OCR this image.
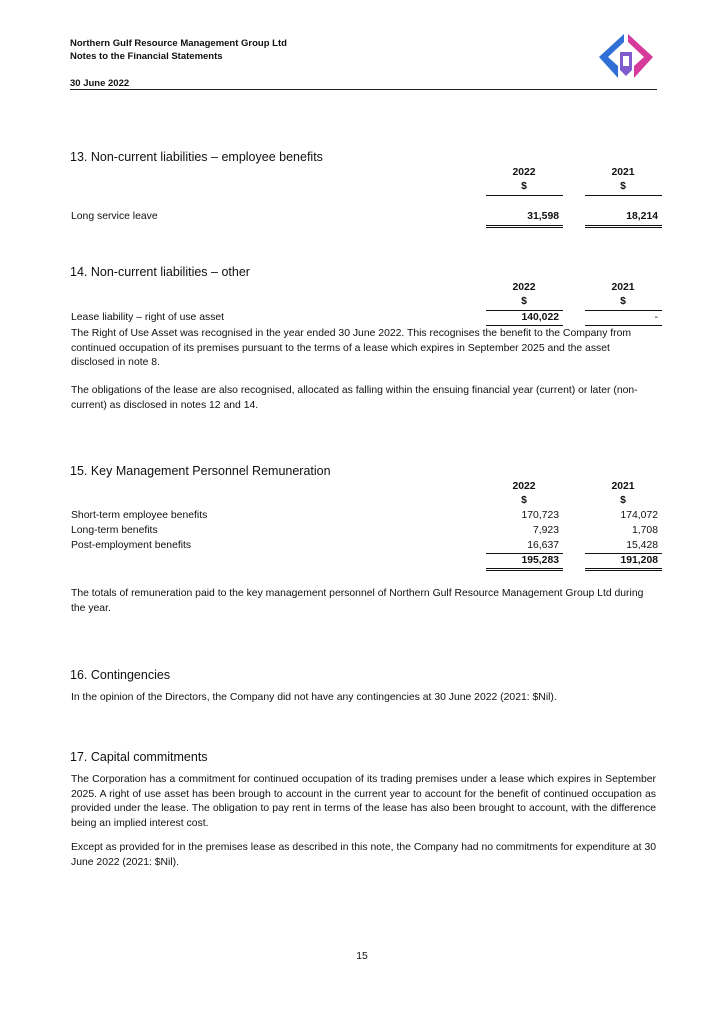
Northern Gulf Resource Management Group Ltd
Notes to the Financial Statements
30 June 2022
13. Non-current liabilities – employee benefits
2022	2021
$	$
Long service leave	31,598	18,214
14. Non-current liabilities – other
2022	2021
$	$
Lease liability – right of use asset	140,022	-
The Right of Use Asset was recognised in the year ended 30 June 2022. This recognises the benefit to the Company from continued occupation of its premises pursuant to the terms of a lease which expires in September 2025 and the asset disclosed in note 8.
The obligations of the lease are also recognised, allocated as falling within the ensuing financial year (current) or later (non-current) as disclosed in notes 12 and 14.
15. Key Management Personnel Remuneration
2022	2021
$	$
Short-term employee benefits	170,723	174,072
Long-term benefits	7,923	1,708
Post-employment benefits	16,637	15,428
195,283	191,208
The totals of remuneration paid to the key management personnel of Northern Gulf Resource Management Group Ltd during the year.
16. Contingencies
In the opinion of the Directors, the Company did not have any contingencies at 30 June 2022 (2021: $Nil).
17. Capital commitments
The Corporation has a commitment for continued occupation of its trading premises under a lease which expires in September 2025. A right of use asset has been brough to account in the current year to account for the benefit of continued occupation as provided under the lease. The obligation to pay rent in terms of the lease has also been brought to account, with the difference being an implied interest cost.
Except as provided for in the premises lease as described in this note, the Company had no commitments for expenditure at 30 June 2022 (2021: $Nil).
15
